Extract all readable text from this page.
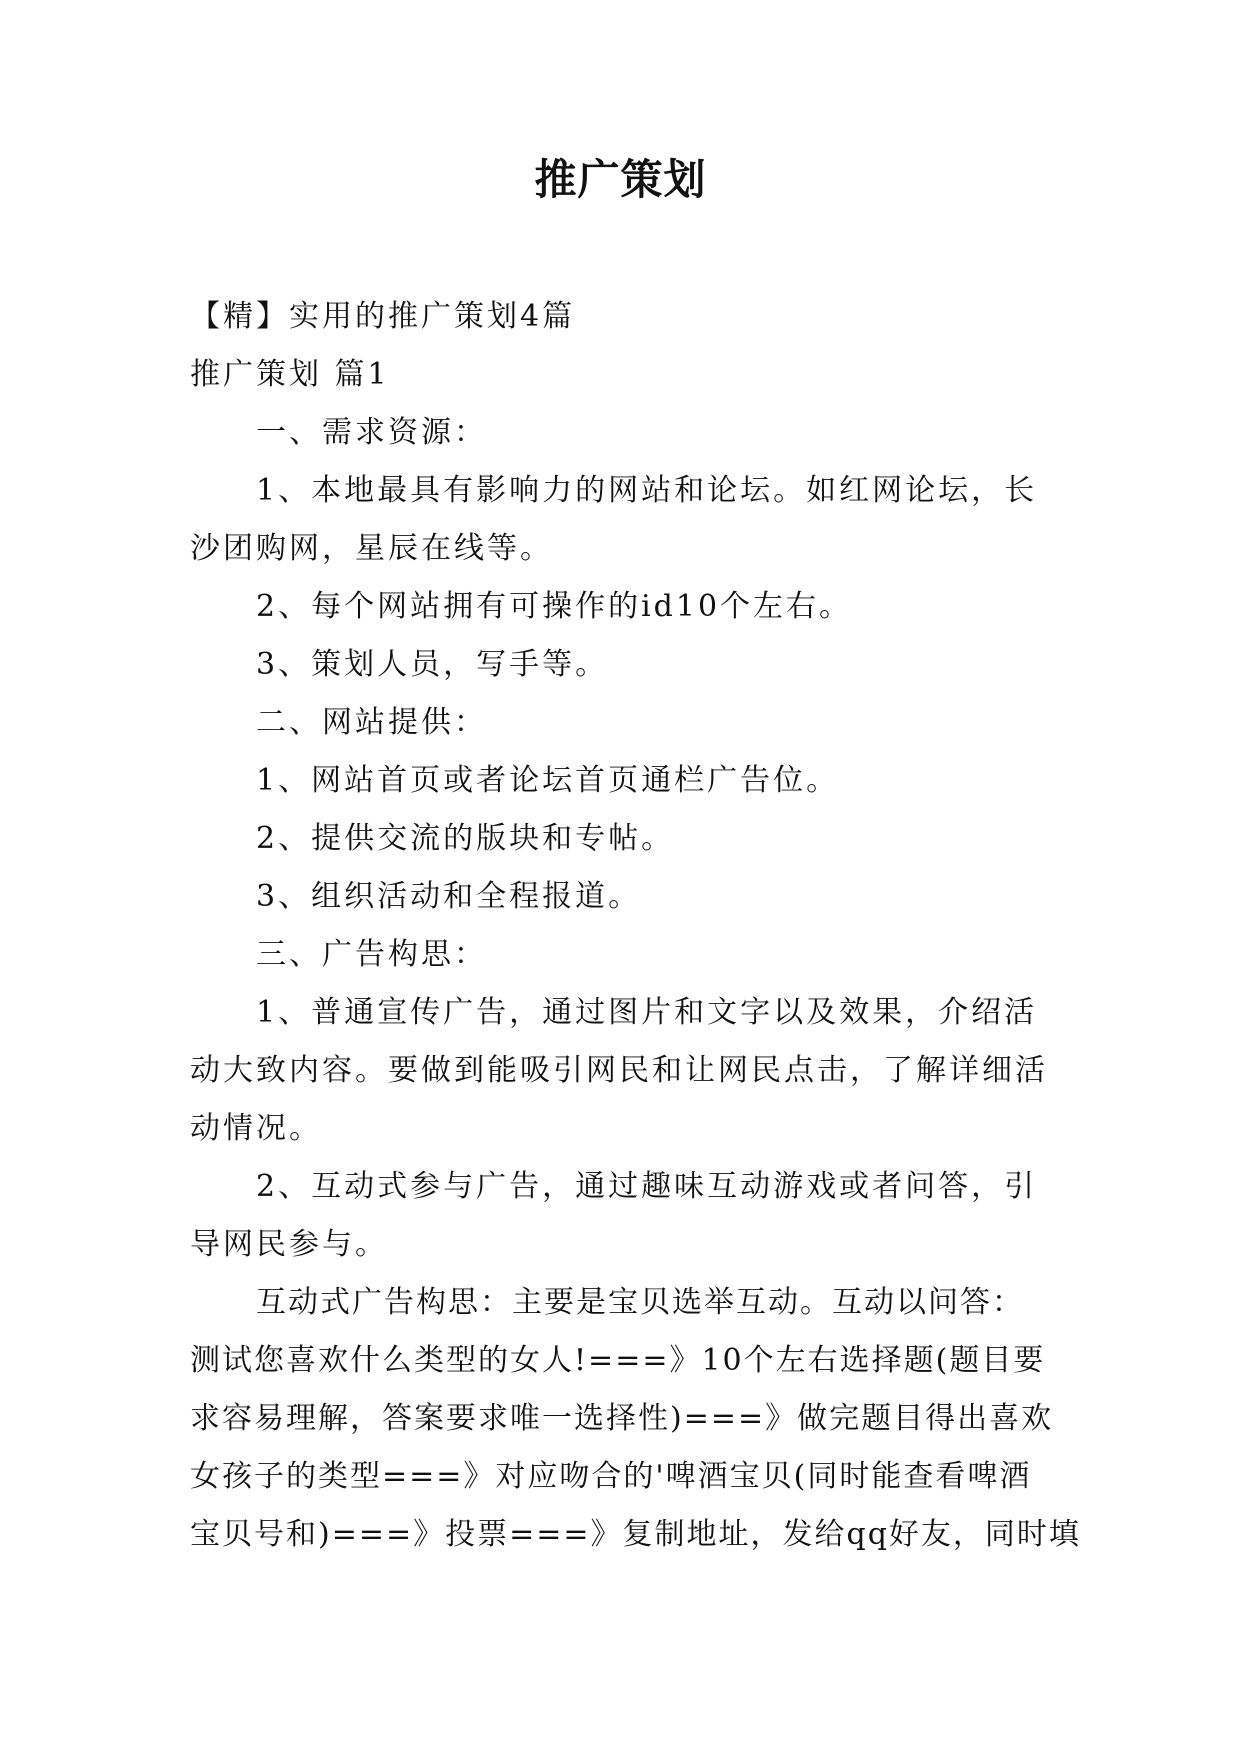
推广策划

【精】实用的推广策划4篇

推广策划 篇1

一、需求资源：

1、本地最具有影响力的网站和论坛。如红网论坛，长

沙团购网，星辰在线等。

2、每个网站拥有可操作的id10个左右。

3、策划人员，写手等。

二、网站提供：

1、网站首页或者论坛首页通栏广告位。

2、提供交流的版块和专帖。

3、组织活动和全程报道。

三、广告构思：

1、普通宣传广告，通过图片和文字以及效果，介绍活

动大致内容。要做到能吸引网民和让网民点击，了解详细活

动情况。

2、互动式参与广告，通过趣味互动游戏或者问答，引

导网民参与。

互动式广告构思：主要是宝贝选举互动。互动以问答：

测试您喜欢什么类型的女人!===》10个左右选择题(题目要

求容易理解，答案要求唯一选择性)===》做完题目得出喜欢

女孩子的类型===》对应吻合的'啤酒宝贝(同时能查看啤酒

宝贝号和)===》投票===》复制地址，发给qq好友，同时填
